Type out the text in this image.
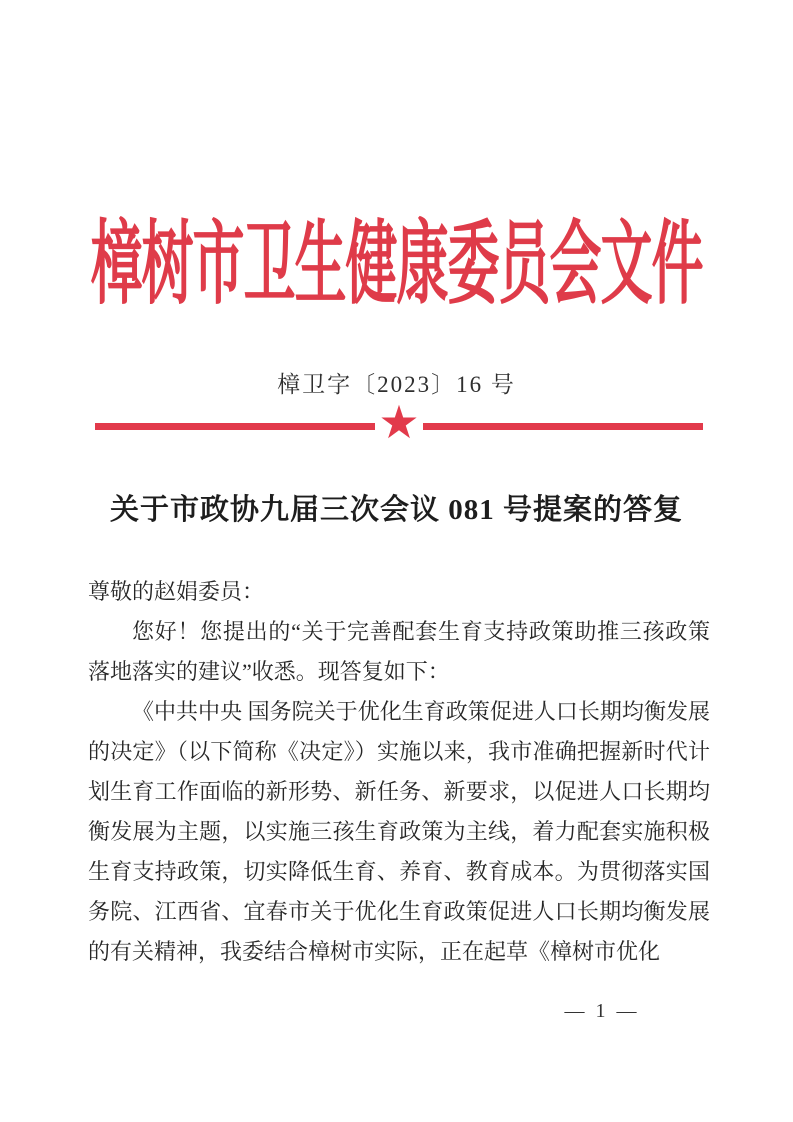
樟树市卫生健康委员会文件
樟卫字〔2023〕16 号
★
关于市政协九届三次会议 081 号提案的答复

尊敬的赵娟委员：

您好！您提出的“关于完善配套生育支持政策助推三孩政策落地落实的建议”收悉。现答复如下：

《中共中央 国务院关于优化生育政策促进人口长期均衡发展的决定》（以下简称《决定》）实施以来，我市准确把握新时代计划生育工作面临的新形势、新任务、新要求，以促进人口长期均衡发展为主题，以实施三孩生育政策为主线，着力配套实施积极生育支持政策，切实降低生育、养育、教育成本。为贯彻落实国务院、江西省、宜春市关于优化生育政策促进人口长期均衡发展的有关精神，我委结合樟树市实际，正在起草《樟树市优化

— 1 —
